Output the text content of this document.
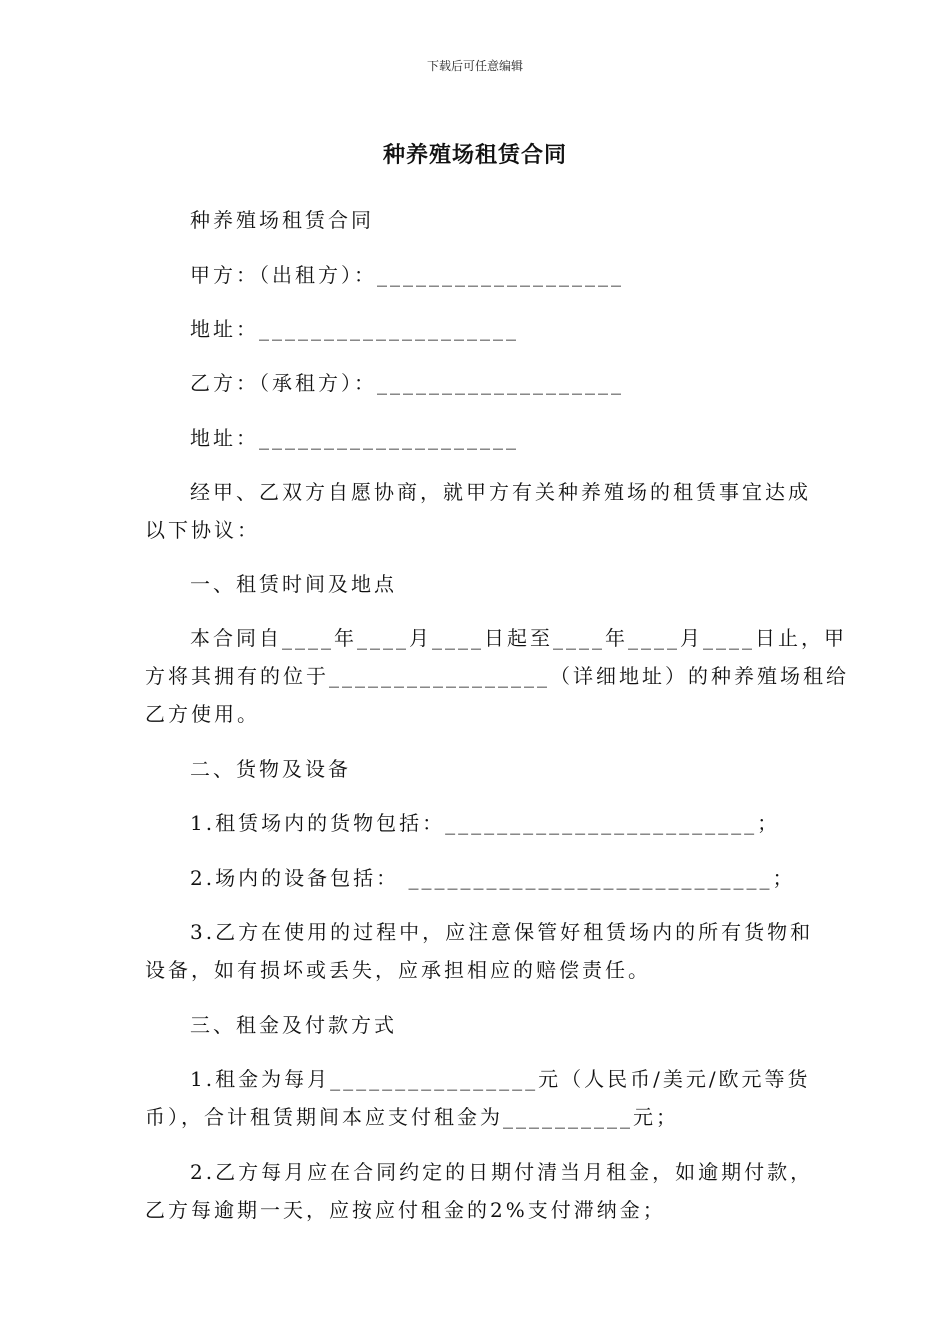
下载后可任意编辑
种养殖场租赁合同
种养殖场租赁合同
甲方：（出租方）：___________________
地址：____________________
乙方：（承租方）：___________________
地址：____________________
经甲、乙双方自愿协商，就甲方有关种养殖场的租赁事宜达成
以下协议：
一、租赁时间及地点
本合同自____年____月____日起至____年____月____日止，甲
方将其拥有的位于_________________（详细地址）的种养殖场租给
乙方使用。
二、货物及设备
1.租赁场内的货物包括：________________________；
2.场内的设备包括： ____________________________；
3.乙方在使用的过程中，应注意保管好租赁场内的所有货物和
设备，如有损坏或丢失，应承担相应的赔偿责任。
三、租金及付款方式
1.租金为每月________________元（人民币/美元/欧元等货
币），合计租赁期间本应支付租金为__________元；
2.乙方每月应在合同约定的日期付清当月租金，如逾期付款，
乙方每逾期一天，应按应付租金的2%支付滞纳金；
